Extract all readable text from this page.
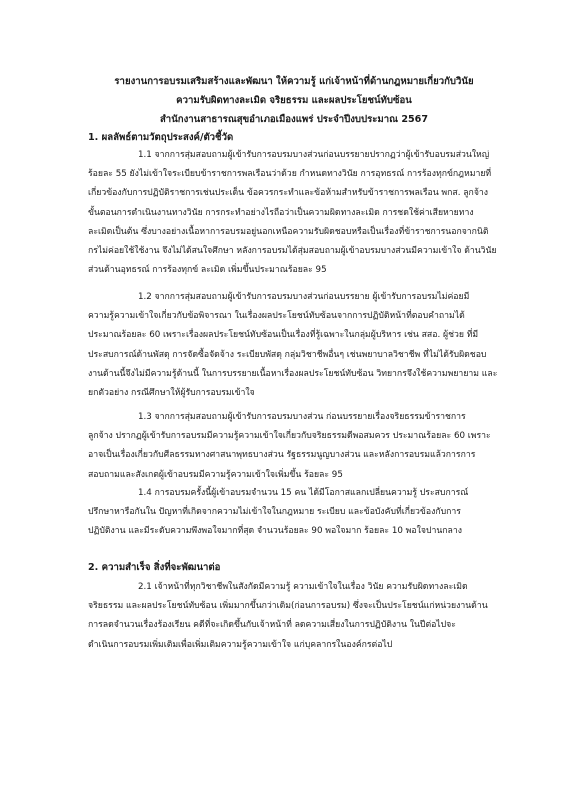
รายงานการอบรมเสริมสร้างและพัฒนา ให้ความรู้ แก่เจ้าหน้าที่ด้านกฎหมายเกี่ยวกับวินัย
ความรับผิดทางละเมิด จริยธรรม และผลประโยชน์ทับซ้อน
สำนักงานสาธารณสุขอำเภอเมืองแพร่ ประจำปีงบประมาณ 2567
1. ผลลัพธ์ตามวัตถุประสงค์/ตัวชี้วัด
1.1 จากการสุ่มสอบถามผู้เข้ารับการอบรมบางส่วนก่อนบรรยายปรากฏว่าผู้เข้ารับอบรมส่วนใหญ่
ร้อยละ 55 ยังไม่เข้าใจระเบียบข้าราชการพลเรือนว่าด้วย กำหนดทางวินัย การอุทธรณ์ การร้องทุกข์กฎหมายที่
เกี่ยวข้องกับการปฏิบัติราชการเช่นประเด็น ข้อควรกระทำและข้อห้ามสำหรับข้าราชการพลเรือน พกส. ลูกจ้าง
ขั้นตอนการดำเนินงานทางวินัย การกระทำอย่างไรถือว่าเป็นความผิดทางละเมิด การชดใช้ค่าเสียหายทาง
ละเมิดเป็นต้น ซึ่งบางอย่างเนื้อหาการอบรมอยู่นอกเหนือความรับผิดชอบหรือเป็นเรื่องที่ข้าราชการนอกจากนิติ
กรไม่ค่อยใช้ใช้งาน จึงไม่ได้สนใจศึกษา หลังการอบรมได้สุ่มสอบถามผู้เข้าอบรมบางส่วนมีความเข้าใจ ด้านวินัย
ส่วนด้านอุทธรณ์ การร้องทุกข์ ละเมิด เพิ่มขึ้นประมาณร้อยละ 95
1.2 จากการสุ่มสอบถามผู้เข้ารับการอบรมบางส่วนก่อนบรรยาย ผู้เข้ารับการอบรมไม่ค่อยมี
ความรู้ความเข้าใจเกี่ยวกับข้อพิจารณา ในเรื่องผลประโยชน์ทับซ้อนจากการปฏิบัติหน้าที่ตอบคำถามได้
ประมาณร้อยละ 60 เพราะเรื่องผลประโยชน์ทับซ้อนเป็นเรื่องที่รู้เฉพาะในกลุ่มผู้บริหาร เช่น สสอ. ผู้ช่วย ที่มี
ประสบการณ์ด้านพัสดุ การจัดซื้อจัดจ้าง ระเบียบพัสดุ กลุ่มวิชาชีพอื่นๆ เช่นพยาบาลวิชาชีพ ที่ไม่ได้รับผิดชอบ
งานด้านนี้จึงไม่มีความรู้ด้านนี้ ในการบรรยายเนื้อหาเรื่องผลประโยชน์ทับซ้อน วิทยากรจึงใช้ความพยายาม และ
ยกตัวอย่าง กรณีศึกษาให้ผู้รับการอบรมเข้าใจ
1.3 จากการสุ่มสอบถามผู้เข้ารับการอบรมบางส่วน ก่อนบรรยายเรื่องจริยธรรมข้าราชการ
ลูกจ้าง ปรากฏผู้เข้ารับการอบรมมีความรู้ความเข้าใจเกี่ยวกับจริยธรรมดีพอสมควร ประมาณร้อยละ 60 เพราะ
อาจเป็นเรื่องเกี่ยวกับศีลธรรมทางศาสนาพุทธบางส่วน รัฐธรรมนูญบางส่วน และหลังการอบรมแล้วการการ
สอบถามและสังเกตผู้เข้าอบรมมีความรู้ความเข้าใจเพิ่มขึ้น ร้อยละ 95
1.4 การอบรมครั้งนี้ผู้เข้าอบรมจำนวน 15 คน ได้มีโอกาสแลกเปลี่ยนความรู้ ประสบการณ์
ปรึกษาหารือกันใน ปัญหาที่เกิดจากความไม่เข้าใจในกฎหมาย ระเบียบ และข้อบังคับที่เกี่ยวข้องกับการ
ปฏิบัติงาน และมีระดับความพึงพอใจมากที่สุด จำนวนร้อยละ 90 พอใจมาก ร้อยละ 10 พอใจปานกลาง
2. ความสำเร็จ สิ่งที่จะพัฒนาต่อ
2.1 เจ้าหน้าที่ทุกวิชาชีพในสังกัดมีความรู้ ความเข้าใจในเรื่อง วินัย ความรับผิดทางละเมิด
จริยธรรม และผลประโยชน์ทับซ้อน เพิ่มมากขึ้นกว่าเดิม(ก่อนการอบรม) ซึ่งจะเป็นประโยชน์แก่หน่วยงานด้าน
การลดจำนวนเรื่องร้องเรียน คดีที่จะเกิดขึ้นกับเจ้าหน้าที่ ลดความเสี่ยงในการปฏิบัติงาน ในปีต่อไปจะ
ดำเนินการอบรมเพิ่มเติมเพื่อเพิ่มเติมความรู้ความเข้าใจ แก่บุคลากรในองค์กรต่อไป
